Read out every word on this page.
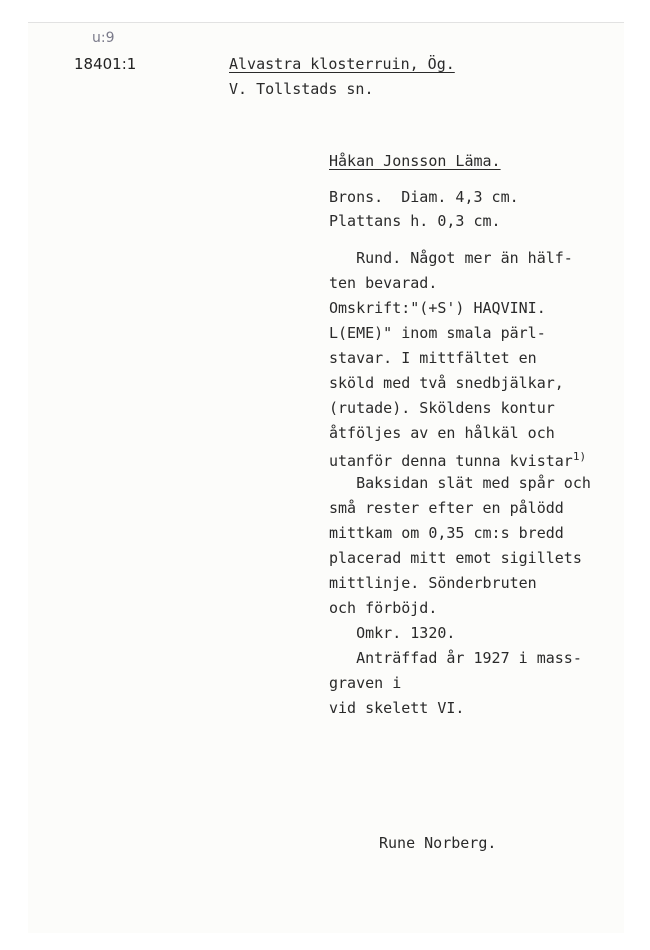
u:9
18401:1	Alvastra klosterruin, Ög.
V. Tollstads sn.
Håkan Jonsson Läma.
Brons.  Diam. 4,3 cm.
Plattans h. 0,3 cm.
Rund. Något mer än hälf-
ten bevarad.
Omskrift:"(+S') HAQVINI.
L(EME)" inom smala pärl-
stavar. I mittfältet en
sköld med två snedbjälkar,
(rutade). Sköldens kontur
åtföljes av en hålkäl och
utanför denna tunna kvistar$^{1)}$
Baksidan slät med spår och
små rester efter en pålödd
mittkam om 0,35 cm:s bredd
placerad mitt emot sigillets
mittlinje. Sönderbruten
och förböjd.
Omkr. 1320.
Anträffad år 1927 i mass-
graven i
vid skelett VI.
Rune Norberg.
